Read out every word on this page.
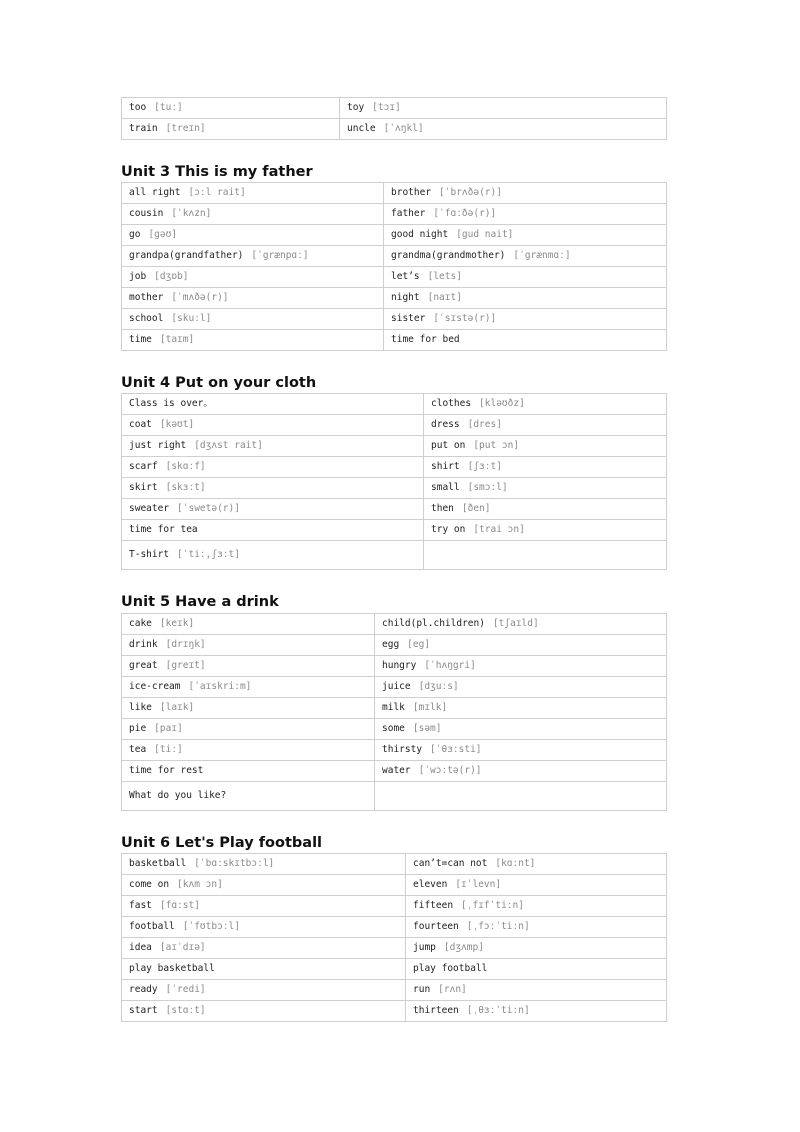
too [tuː]	toy [tɔɪ]
train [treɪn]	uncle [ˈʌŋkl]
Unit 3 This is my father
all right [ɔːl rait]	brother [ˈbrʌðə(r)]
cousin [ˈkʌzn]	father [ˈfɑːðə(r)]
go [gəʊ]	good night [gud nait]
grandpa(grandfather) [ˈgrænpɑː]	grandma(grandmother) [ˈgrænmɑː]
job [dʒɒb]	let’s [lets]
mother [ˈmʌðə(r)]	night [naɪt]
school [skuːl]	sister [ˈsɪstə(r)]
time [taɪm]	time for bed
Unit 4 Put on your cloth
Class is over。	clothes [kləʊðz]
coat [kəʊt]	dress [dres]
just right [dʒʌst rait]	put on [put ɔn]
scarf [skɑːf]	shirt [ʃɜːt]
skirt [skɜːt]	small [smɔːl]
sweater [ˈswetə(r)]	then [ðen]
time for tea	try on [trai ɔn]
T-shirt [ˈtiː,ʃɜːt]	
Unit 5 Have a drink
cake [keɪk]	child(pl.children) [tʃaɪld]
drink [drɪŋk]	egg [eg]
great [greɪt]	hungry [ˈhʌŋgri]
ice-cream [ˈaɪskriːm]	juice [dʒuːs]
like [laɪk]	milk [mɪlk]
pie [paɪ]	some [səm]
tea [tiː]	thirsty [ˈθɜːsti]
time for rest	water [ˈwɔːtə(r)]
What do you like?	
Unit 6 Let's Play football
basketball [ˈbɑːskɪtbɔːl]	can’t=can not [kɑːnt]
come on [kʌm ɔn]	eleven [ɪˈlevn]
fast [fɑːst]	fifteen [ˌfɪfˈtiːn]
football [ˈfʊtbɔːl]	fourteen [ˌfɔːˈtiːn]
idea [aɪˈdɪə]	jump [dʒʌmp]
play basketball	play football
ready [ˈredi]	run [rʌn]
start [stɑːt]	thirteen [ˌθɜːˈtiːn]
